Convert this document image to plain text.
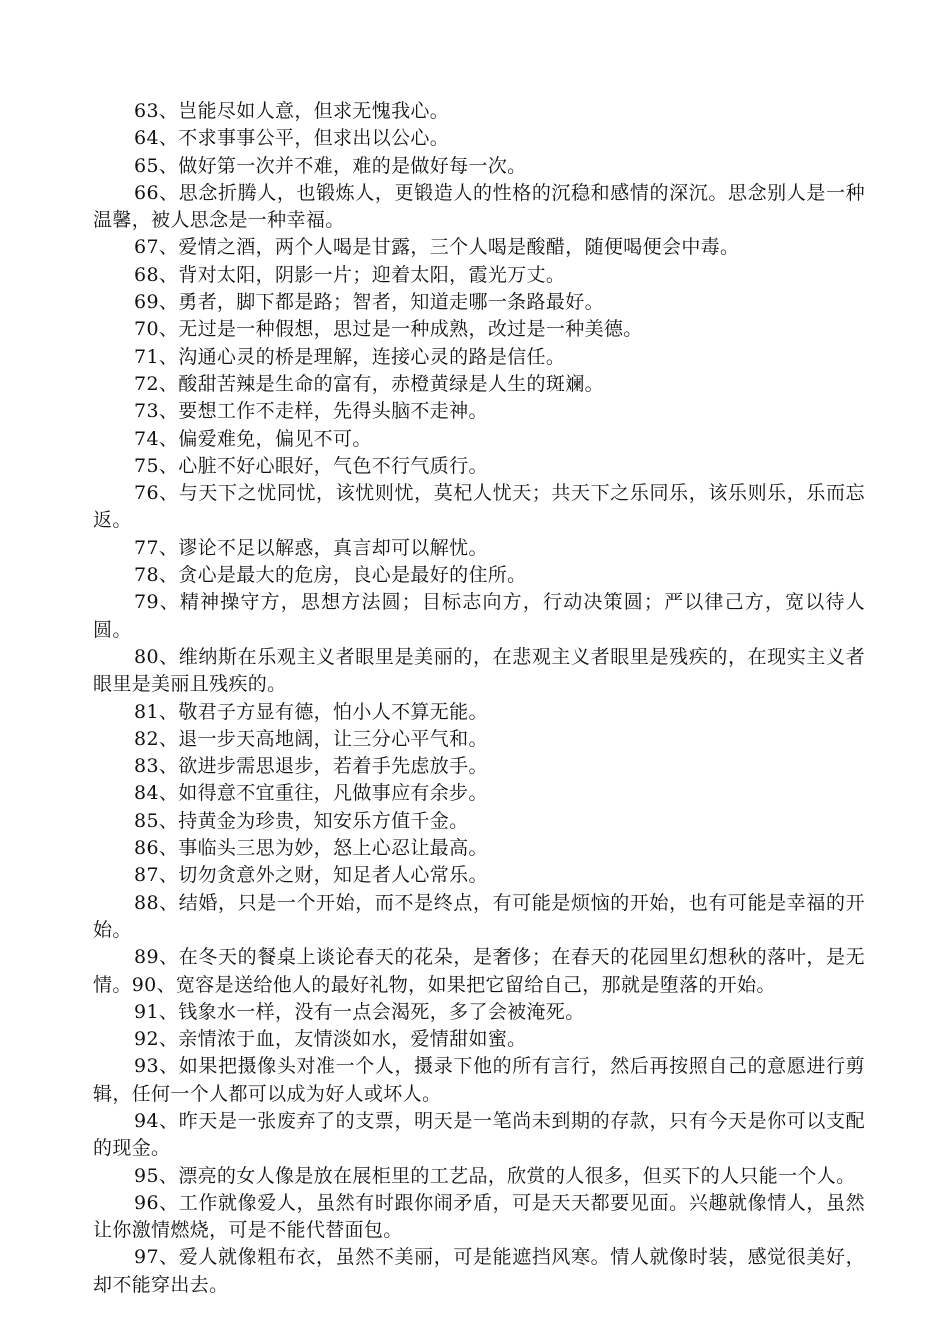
63、岂能尽如人意，但求无愧我心。

64、不求事事公平，但求出以公心。

65、做好第一次并不难，难的是做好每一次。

66、思念折腾人，也锻炼人，更锻造人的性格的沉稳和感情的深沉。思念别人是一种温馨，被人思念是一种幸福。

67、爱情之酒，两个人喝是甘露，三个人喝是酸醋，随便喝便会中毒。

68、背对太阳，阴影一片；迎着太阳，霞光万丈。

69、勇者，脚下都是路；智者，知道走哪一条路最好。

70、无过是一种假想，思过是一种成熟，改过是一种美德。

71、沟通心灵的桥是理解，连接心灵的路是信任。

72、酸甜苦辣是生命的富有，赤橙黄绿是人生的斑斓。

73、要想工作不走样，先得头脑不走神。

74、偏爱难免，偏见不可。

75、心脏不好心眼好，气色不行气质行。

76、与天下之忧同忧，该忧则忧，莫杞人忧天；共天下之乐同乐，该乐则乐，乐而忘返。

77、谬论不足以解惑，真言却可以解忧。

78、贪心是最大的危房，良心是最好的住所。

79、精神操守方，思想方法圆；目标志向方，行动决策圆；严以律己方，宽以待人圆。

80、维纳斯在乐观主义者眼里是美丽的，在悲观主义者眼里是残疾的，在现实主义者眼里是美丽且残疾的。

81、敬君子方显有德，怕小人不算无能。

82、退一步天高地阔，让三分心平气和。

83、欲进步需思退步，若着手先虑放手。

84、如得意不宜重往，凡做事应有余步。

85、持黄金为珍贵，知安乐方值千金。

86、事临头三思为妙，怒上心忍让最高。

87、切勿贪意外之财，知足者人心常乐。

88、结婚，只是一个开始，而不是终点，有可能是烦恼的开始，也有可能是幸福的开始。

89、在冬天的餐桌上谈论春天的花朵，是奢侈；在春天的花园里幻想秋的落叶，是无情。90、宽容是送给他人的最好礼物，如果把它留给自己，那就是堕落的开始。

91、钱象水一样，没有一点会渴死，多了会被淹死。

92、亲情浓于血，友情淡如水，爱情甜如蜜。

93、如果把摄像头对准一个人，摄录下他的所有言行，然后再按照自己的意愿进行剪辑，任何一个人都可以成为好人或坏人。

94、昨天是一张废弃了的支票，明天是一笔尚未到期的存款，只有今天是你可以支配的现金。

95、漂亮的女人像是放在展柜里的工艺品，欣赏的人很多，但买下的人只能一个人。

96、工作就像爱人，虽然有时跟你闹矛盾，可是天天都要见面。兴趣就像情人，虽然让你激情燃烧，可是不能代替面包。

97、爱人就像粗布衣，虽然不美丽，可是能遮挡风寒。情人就像时装，感觉很美好，却不能穿出去。
